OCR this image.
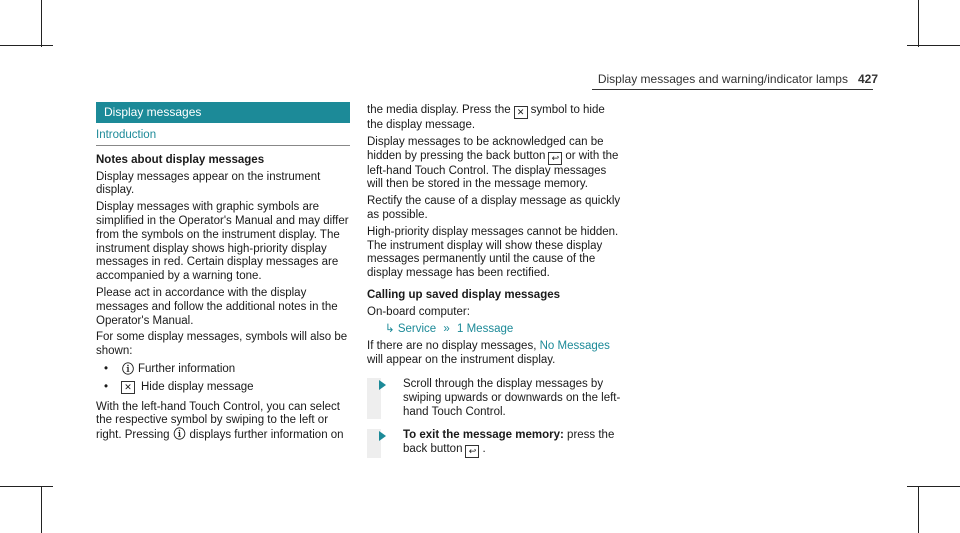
Display messages and warning/indicator lamps 427
Display messages
Introduction

Notes about display messages

Display messages appear on the instrument display.

Display messages with graphic symbols are simplified in the Operator's Manual and may differ from the symbols on the instrument display. The instrument display shows high-priority display messages in red. Certain display messages are accompanied by a warning tone.

Please act in accordance with the display messages and follow the additional notes in the Operator's Manual.

For some display messages, symbols will also be shown:

•	ⓘ Further information
•	✕ Hide display message

With the left-hand Touch Control, you can select the respective symbol by swiping to the left or right. Pressing ⓘ displays further information on

the media display. Press the ✕ symbol to hide the display message.

Display messages to be acknowledged can be hidden by pressing the back button ↩ or with the left-hand Touch Control. The display messages will then be stored in the message memory.

Rectify the cause of a display message as quickly as possible.

High-priority display messages cannot be hidden. The instrument display will show these display messages permanently until the cause of the display message has been rectified.

Calling up saved display messages

On-board computer:

↳ Service » 1 Message

If there are no display messages, No Messages will appear on the instrument display.

Scroll through the display messages by swiping upwards or downwards on the left-hand Touch Control.
To exit the message memory: press the back button ↩ .
